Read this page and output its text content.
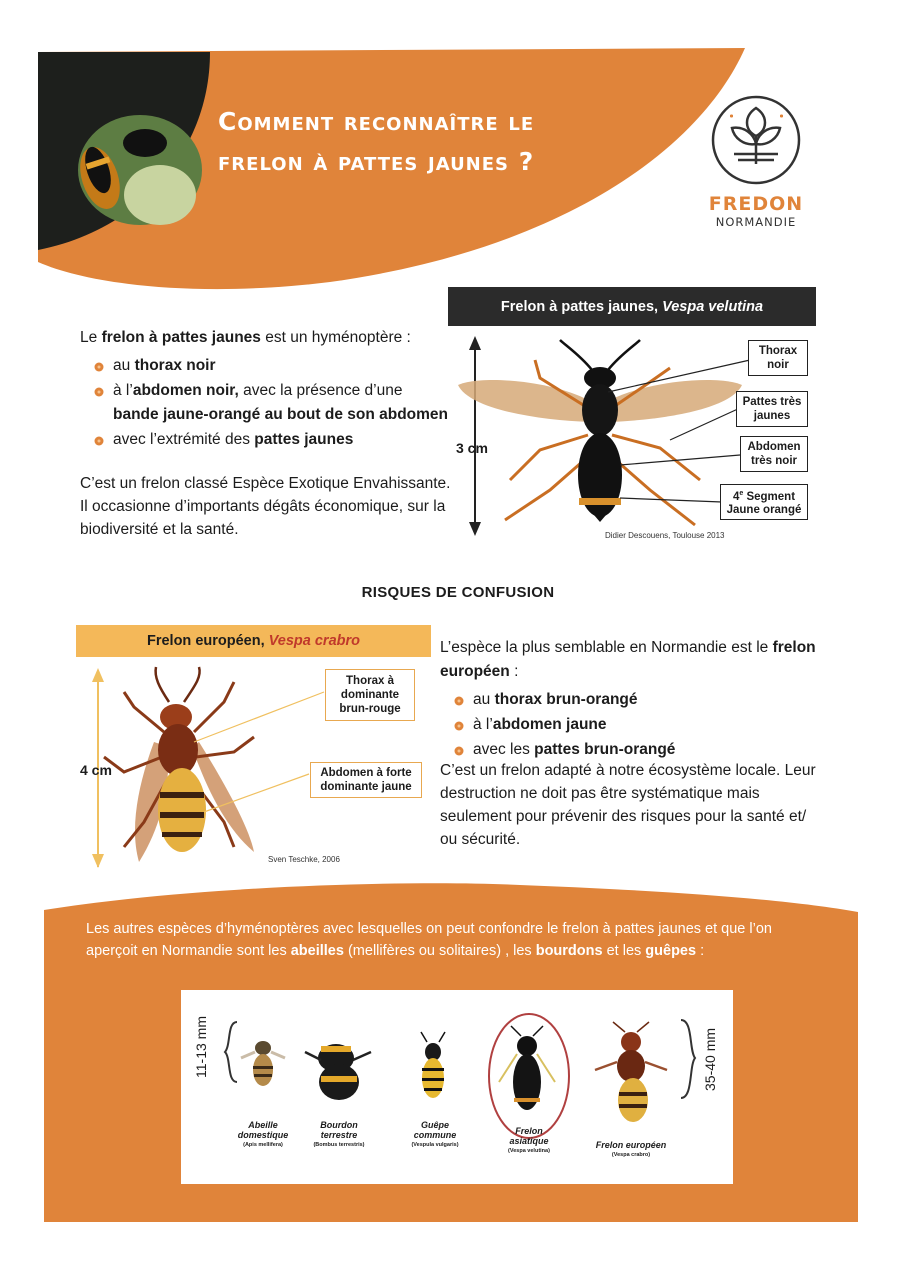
Comment reconnaître le
frelon à pattes jaunes ?
FREDON
NORMANDIE
Frelon à pattes jaunes,
Vespa velutina
Le frelon à pattes jaunes est un hyménoptère :
au thorax noir
à l’abdomen noir, avec la présence d’une bande jaune-orangé au bout de son abdomen
avec l’extrémité des pattes jaunes
C’est un frelon classé Espèce Exotique Envahissante. Il occasionne d’importants dégâts économique, sur la biodiversité et la santé.
3 cm
Thorax noir
Pattes très jaunes
Abdomen très noir
4e Segment
Jaune orangé
Didier Descouens, Toulouse 2013
RISQUES DE CONFUSION
Frelon européen,
Vespa crabro
4 cm
Thorax à dominante brun-rouge
Abdomen à forte dominante jaune
Sven Teschke, 2006
L’espèce la plus semblable en Normandie est le frelon européen :
au thorax brun-orangé
à l’abdomen jaune
avec les pattes brun-orangé
C’est un frelon adapté à notre écosystème locale. Leur destruction ne doit pas être systématique mais seulement pour prévenir des risques pour la santé et/ ou sécurité.
Les autres espèces d’hyménoptères avec lesquelles on peut confondre le frelon à pattes jaunes et que l’on aperçoit en Normandie sont les abeilles (mellifères ou solitaires) , les bourdons et les guêpes :
11-13 mm	35-40 mm
Abeille domestique
(Apis mellifera)
Bourdon terrestre
(Bombus terrestris)
Guêpe commune
(Vespula vulgaris)
Frelon asiatique
(Vespa velutina)
Frelon européen
(Vespa crabro)
